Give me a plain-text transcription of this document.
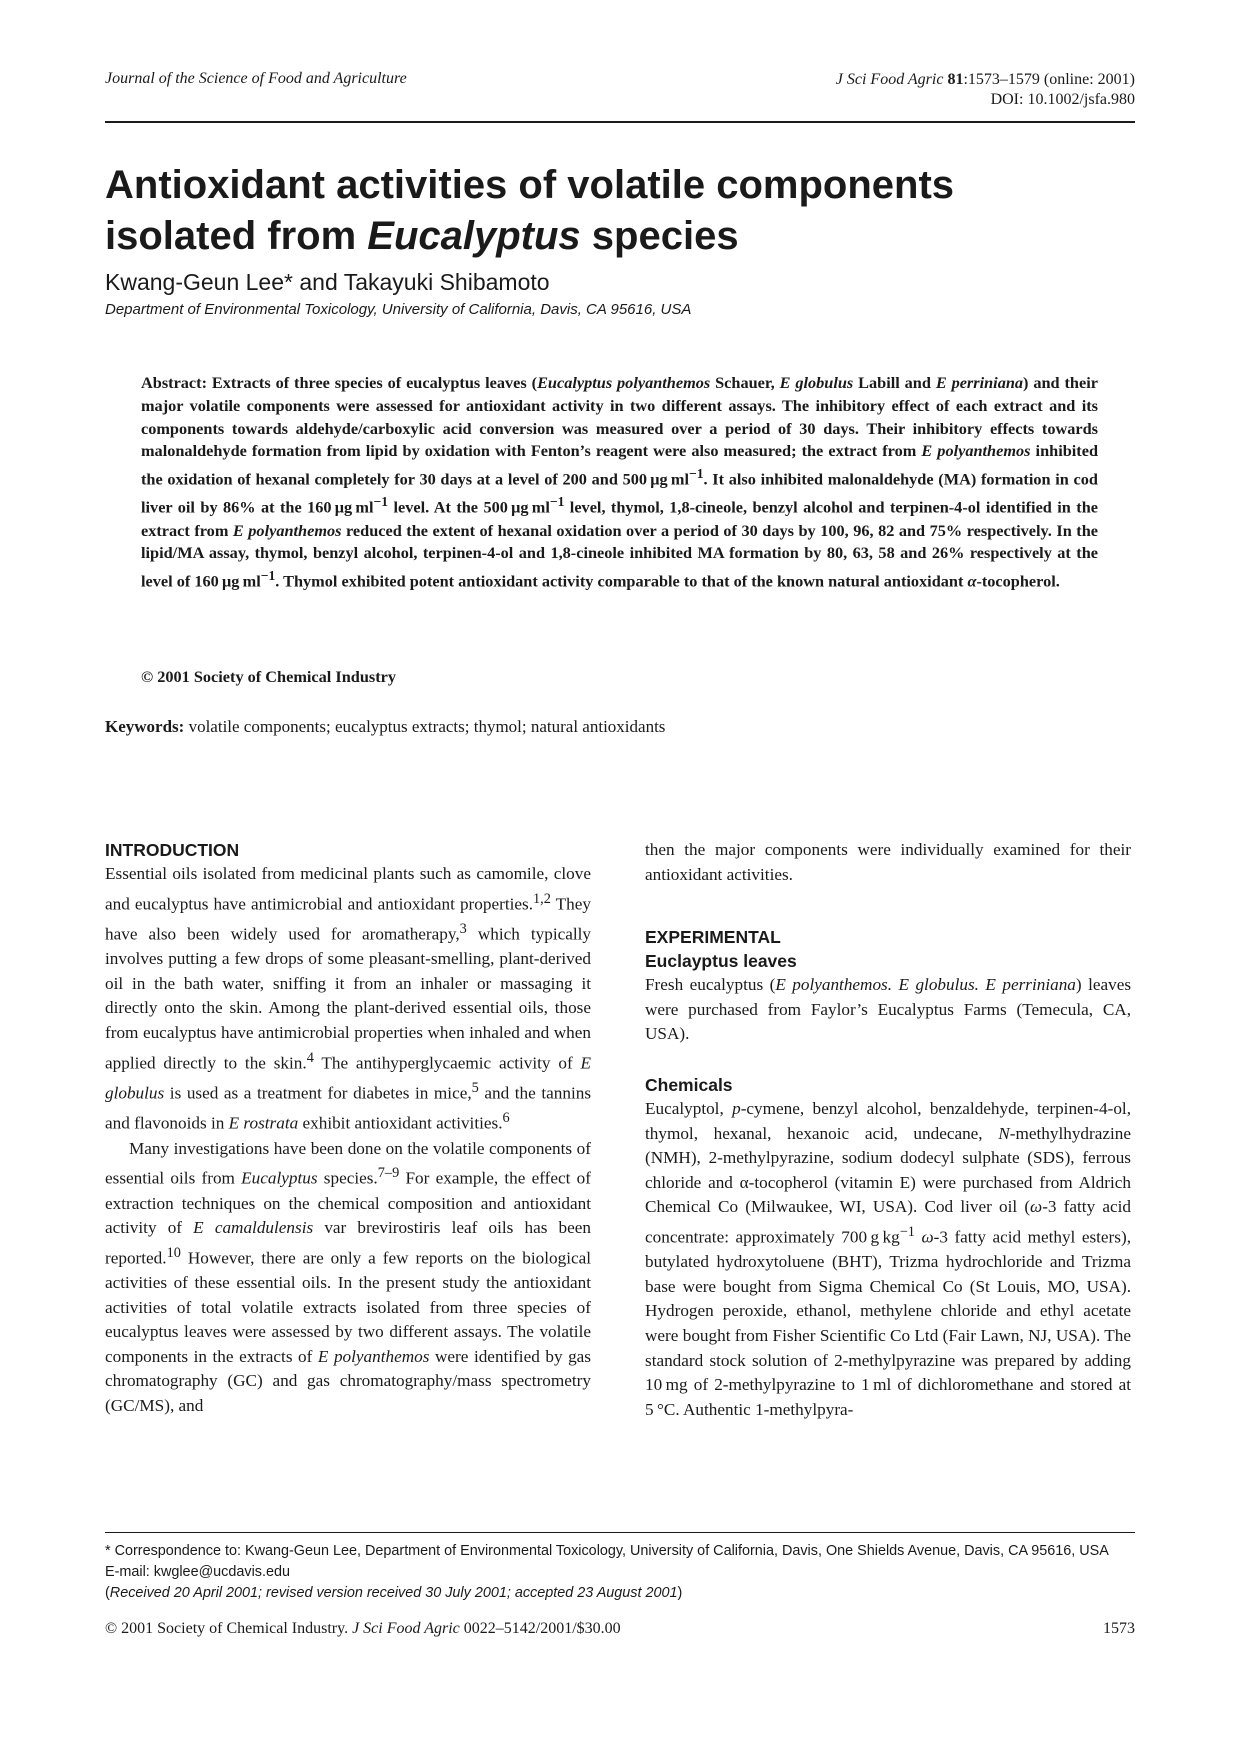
Journal of the Science of Food and Agriculture	J Sci Food Agric 81:1573–1579 (online: 2001)
DOI: 10.1002/jsfa.980
Antioxidant activities of volatile components isolated from Eucalyptus species
Kwang-Geun Lee* and Takayuki Shibamoto
Department of Environmental Toxicology, University of California, Davis, CA 95616, USA

Abstract: Extracts of three species of eucalyptus leaves (Eucalyptus polyanthemos Schauer, E globulus Labill and E perriniana) and their major volatile components were assessed for antioxidant activity in two different assays. The inhibitory effect of each extract and its components towards aldehyde/carboxylic acid conversion was measured over a period of 30 days. Their inhibitory effects towards malonaldehyde formation from lipid by oxidation with Fenton’s reagent were also measured; the extract from E polyanthemos inhibited the oxidation of hexanal completely for 30 days at a level of 200 and 500 μg $ml^{-1}$. It also inhibited malonaldehyde (MA) formation in cod liver oil by 86% at the 160 μg $ml^{-1}$ level. At the 500 μg $ml^{-1}$ level, thymol, 1,8-cineole, benzyl alcohol and terpinen-4-ol identified in the extract from E polyanthemos reduced the extent of hexanal oxidation over a period of 30 days by 100, 96, 82 and 75% respectively. In the lipid/MA assay, thymol, benzyl alcohol, terpinen-4-ol and 1,8-cineole inhibited MA formation by 80, 63, 58 and 26% respectively at the level of 160 μg $ml^{-1}$. Thymol exhibited potent antioxidant activity comparable to that of the known natural antioxidant α-tocopherol.

© 2001 Society of Chemical Industry
Keywords: volatile components; eucalyptus extracts; thymol; natural antioxidants

INTRODUCTION

Essential oils isolated from medicinal plants such as camomile, clove and eucalyptus have antimicrobial and antioxidant properties.$^{1,2}$ They have also been widely used for aromatherapy,$^3$ which typically involves putting a few drops of some pleasant-smelling, plant-derived oil in the bath water, sniffing it from an inhaler or massaging it directly onto the skin. Among the plant-derived essential oils, those from eucalyptus have antimicrobial properties when inhaled and when applied directly to the skin.$^4$ The antihyperglycaemic activity of E globulus is used as a treatment for diabetes in mice,$^5$ and the tannins and flavonoids in E rostrata exhibit antioxidant activities.$^6$

Many investigations have been done on the volatile components of essential oils from Eucalyptus species.$^{7-9}$ For example, the effect of extraction techniques on the chemical composition and antioxidant activity of E camaldulensis var brevirostiris leaf oils has been reported.$^{10}$ However, there are only a few reports on the biological activities of these essential oils. In the present study the antioxidant activities of total volatile extracts isolated from three species of eucalyptus leaves were assessed by two different assays. The volatile components in the extracts of E polyanthemos were identified by gas chromatography (GC) and gas chromatography/mass spectrometry (GC/MS), and

then the major components were individually examined for their antioxidant activities.

EXPERIMENTAL

Euclayptus leaves

Fresh eucalyptus (E polyanthemos. E globulus. E perriniana) leaves were purchased from Faylor’s Eucalyptus Farms (Temecula, CA, USA).

Chemicals

Eucalyptol, p-cymene, benzyl alcohol, benzaldehyde, terpinen-4-ol, thymol, hexanal, hexanoic acid, undecane, N-methylhydrazine (NMH), 2-methylpyrazine, sodium dodecyl sulphate (SDS), ferrous chloride and α-tocopherol (vitamin E) were purchased from Aldrich Chemical Co (Milwaukee, WI, USA). Cod liver oil (ω-3 fatty acid concentrate: approximately 700 g $kg^{-1}$ ω-3 fatty acid methyl esters), butylated hydroxytoluene (BHT), Trizma hydrochloride and Trizma base were bought from Sigma Chemical Co (St Louis, MO, USA). Hydrogen peroxide, ethanol, methylene chloride and ethyl acetate were bought from Fisher Scientific Co Ltd (Fair Lawn, NJ, USA). The standard stock solution of 2-methylpyrazine was prepared by adding 10 mg of 2-methylpyrazine to 1 ml of dichloromethane and stored at 5 °C. Authentic 1-methylpyra-

* Correspondence to: Kwang-Geun Lee, Department of Environmental Toxicology, University of California, Davis, One Shields Avenue, Davis, CA 95616, USA

E-mail: kwglee@ucdavis.edu

(Received 20 April 2001; revised version received 30 July 2001; accepted 23 August 2001)

© 2001 Society of Chemical Industry. J Sci Food Agric 0022–5142/2001/$30.00	1573
